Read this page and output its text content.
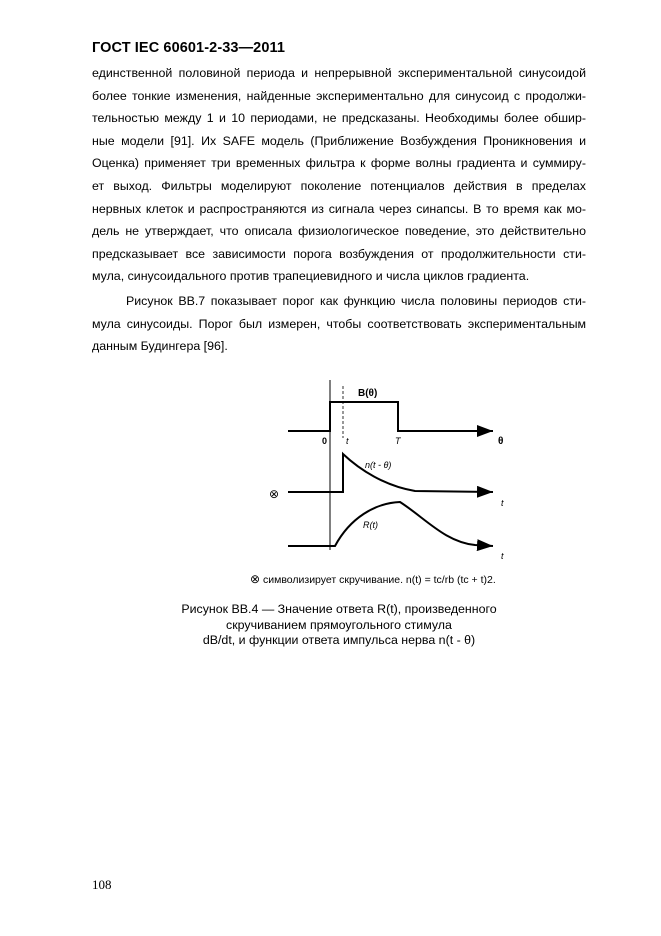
ГОСТ IEC 60601-2-33—2011
единственной половиной периода и непрерывной экспериментальной синусоидой
более тонкие изменения, найденные экспериментально для синусоид с продолжи-
тельностью между 1 и 10 периодами, не предсказаны. Необходимы более обшир-
ные модели [91]. Их SAFE модель (Приближение Возбуждения Проникновения и
Оценка) применяет три временных фильтра к форме волны градиента и суммиру-
ет выход. Фильтры моделируют поколение потенциалов действия в пределах
нервных клеток и распространяются из сигнала через синапсы. В то время как мо-
дель не утверждает, что описала физиологическое поведение, это действительно
предсказывает все зависимости порога возбуждения от продолжительности сти-
мула, синусоидального против трапециевидного и числа циклов градиента.
Рисунок ВВ.7 показывает порог как функцию числа половины периодов сти-
мула синусоиды. Порог был измерен, чтобы соответствовать экспериментальным
данным Будингера [96].
B(θ)
0 t	T	θ
n(t - θ)
⊗
t
R(t)
t
⊗ символизирует скручивание. n(t) = tc/rb (tc + t)2.
Рисунок ВВ.4 — Значение ответа R(t), произведенного
скручиванием прямоугольного стимула
dB/dt, и функции ответа импульса нерва n(t - θ)
108
